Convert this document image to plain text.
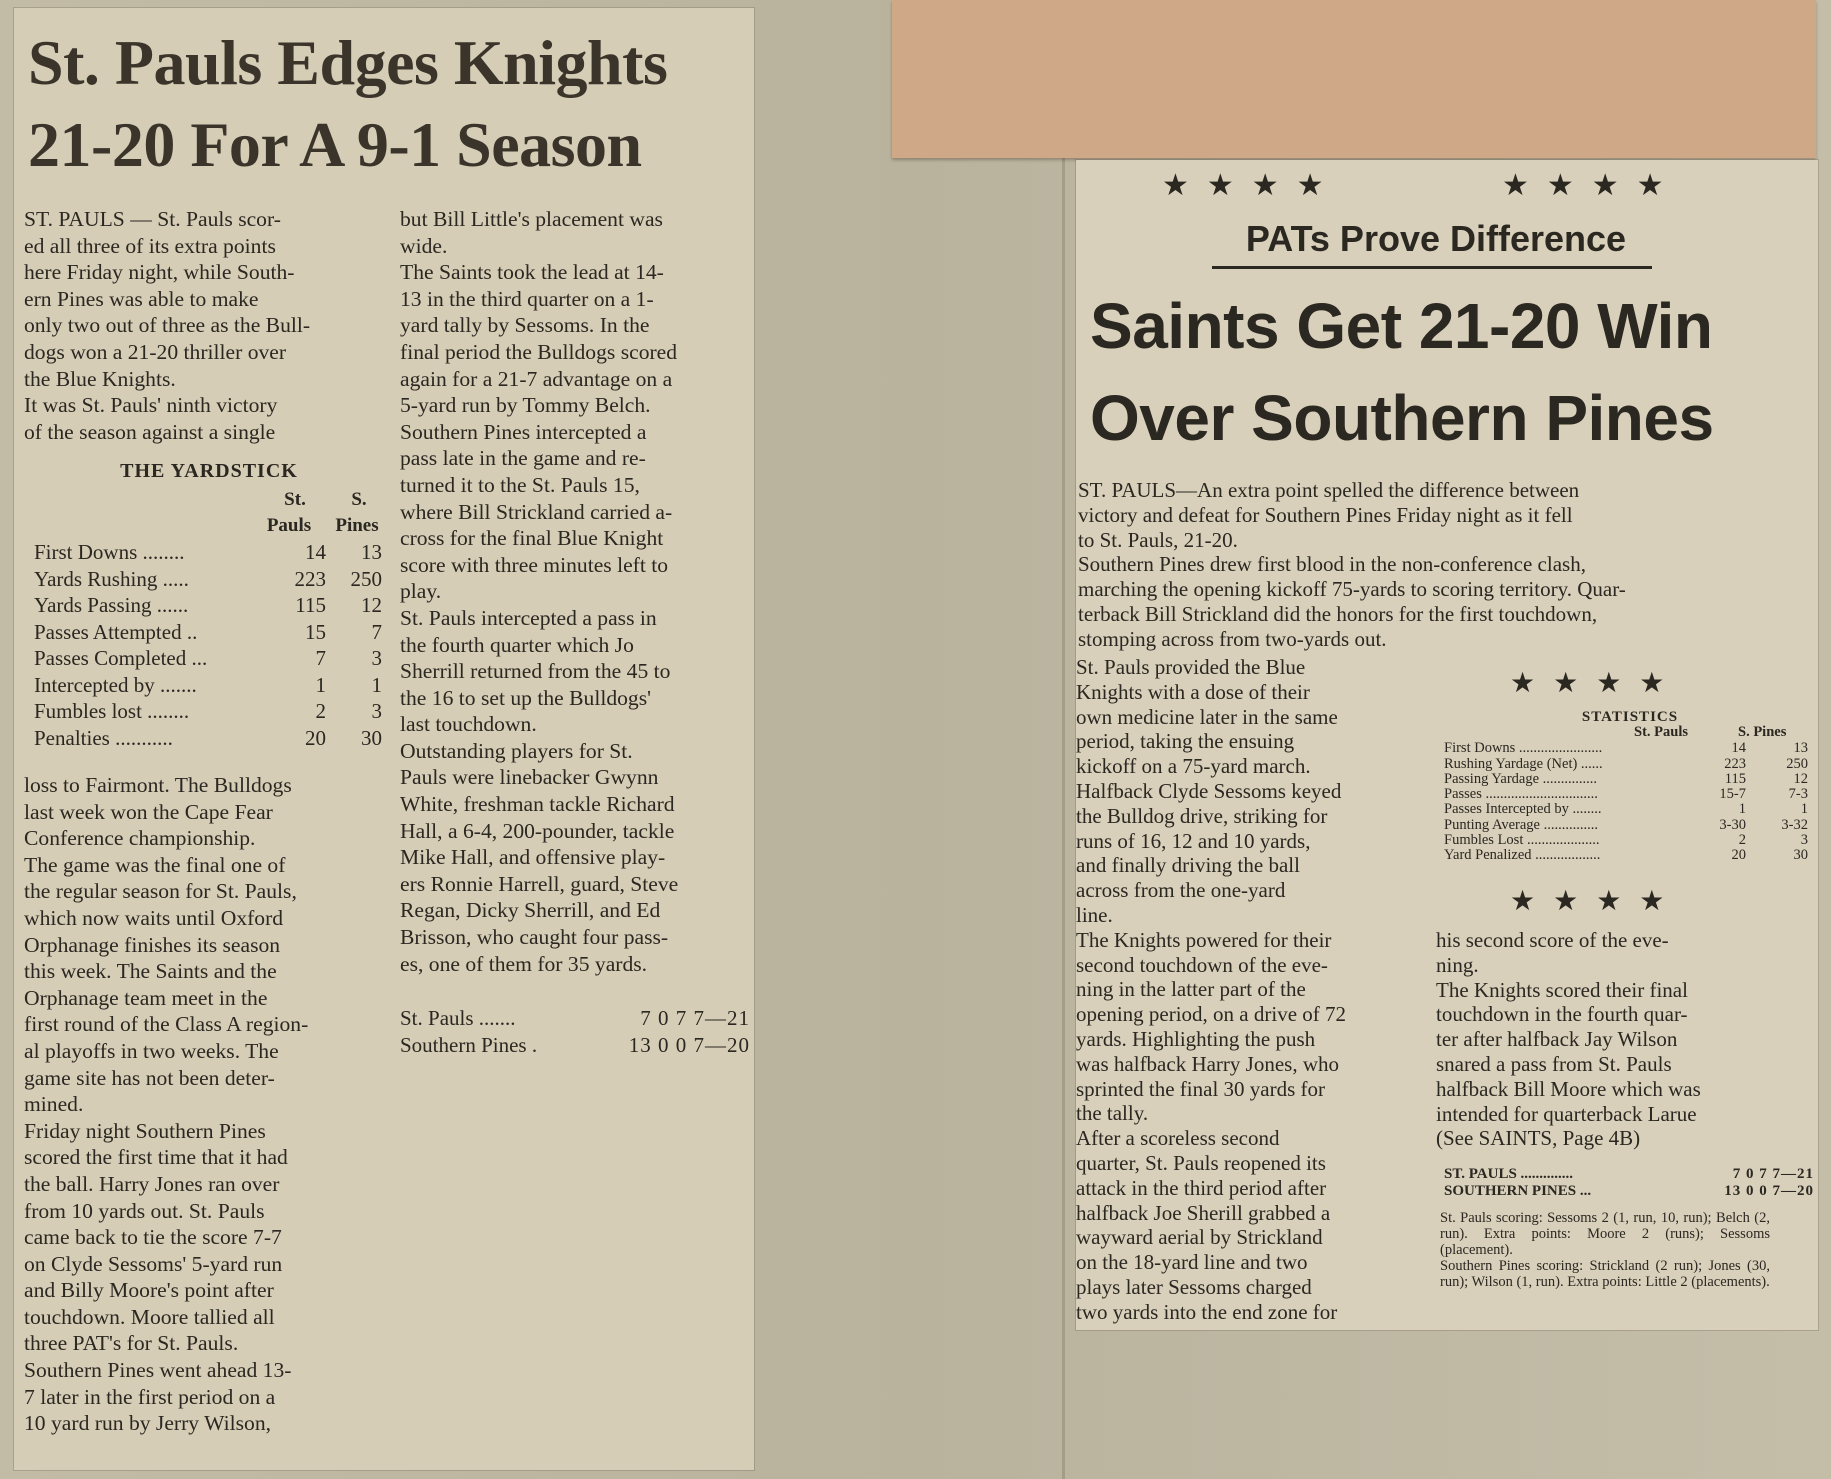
St. Pauls Edges Knights
21-20 For A 9-1 Season
ST. PAULS — St. Pauls scor-
ed all three of its extra points
here Friday night, while South-
ern Pines was able to make
only two out of three as the Bull-
dogs won a 21-20 thriller over
the Blue Knights.
It was St. Pauls' ninth victory
of the season against a single
THE YARDSTICK
St.	S.
Pauls	Pines
First Downs ........	14	13
Yards Rushing .....	223	250
Yards Passing ......	115	12
Passes Attempted ..	15	7
Passes Completed ...	7	3
Intercepted by .......	1	1
Fumbles lost ........	2	3
Penalties ...........	20	30
loss to Fairmont. The Bulldogs
last week won the Cape Fear
Conference championship.
The game was the final one of
the regular season for St. Pauls,
which now waits until Oxford
Orphanage finishes its season
this week. The Saints and the
Orphanage team meet in the
first round of the Class A region-
al playoffs in two weeks. The
game site has not been deter-
mined.
Friday night Southern Pines
scored the first time that it had
the ball. Harry Jones ran over
from 10 yards out. St. Pauls
came back to tie the score 7-7
on Clyde Sessoms' 5-yard run
and Billy Moore's point after
touchdown. Moore tallied all
three PAT's for St. Pauls.
Southern Pines went ahead 13-
7 later in the first period on a
10 yard run by Jerry Wilson,
but Bill Little's placement was
wide.
The Saints took the lead at 14-
13 in the third quarter on a 1-
yard tally by Sessoms. In the
final period the Bulldogs scored
again for a 21-7 advantage on a
5-yard run by Tommy Belch.
Southern Pines intercepted a
pass late in the game and re-
turned it to the St. Pauls 15,
where Bill Strickland carried a-
cross for the final Blue Knight
score with three minutes left to
play.
St. Pauls intercepted a pass in
the fourth quarter which Jo
Sherrill returned from the 45 to
the 16 to set up the Bulldogs'
last touchdown.
Outstanding players for St.
Pauls were linebacker Gwynn
White, freshman tackle Richard
Hall, a 6-4, 200-pounder, tackle
Mike Hall, and offensive play-
ers Ronnie Harrell, guard, Steve
Regan, Dicky Sherrill, and Ed
Brisson, who caught four pass-
es, one of them for 35 yards.
St. Pauls .......	7 0 7 7—21
Southern Pines .	13 0 0 7—20
★★★★	★★★★
PATs Prove Difference
Saints Get 21-20 Win
Over Southern Pines
ST. PAULS—An extra point spelled the difference between
victory and defeat for Southern Pines Friday night as it fell
to St. Pauls, 21-20.
Southern Pines drew first blood in the non-conference clash,
marching the opening kickoff 75-yards to scoring territory. Quar-
terback Bill Strickland did the honors for the first touchdown,
stomping across from two-yards out.
St. Pauls provided the Blue
Knights with a dose of their
own medicine later in the same
period, taking the ensuing
kickoff on a 75-yard march.
Halfback Clyde Sessoms keyed
the Bulldog drive, striking for
runs of 16, 12 and 10 yards,
and finally driving the ball
across from the one-yard
line.
The Knights powered for their
second touchdown of the eve-
ning in the latter part of the
opening period, on a drive of 72
yards. Highlighting the push
was halfback Harry Jones, who
sprinted the final 30 yards for
the tally.
After a scoreless second
quarter, St. Pauls reopened its
attack in the third period after
halfback Joe Sherill grabbed a
wayward aerial by Strickland
on the 18-yard line and two
plays later Sessoms charged
two yards into the end zone for
★★★★
STATISTICS
St. Pauls	S. Pines
First Downs .......................	14	13
Rushing Yardage (Net) ......	223	250
Passing Yardage ...............	115	12
Passes ...............................	15-7	7-3
Passes Intercepted by ........	1	1
Punting Average ...............	3-30	3-32
Fumbles Lost ....................	2	3
Yard Penalized ..................	20	30
★★★★
his second score of the eve-
ning.
The Knights scored their final
touchdown in the fourth quar-
ter after halfback Jay Wilson
snared a pass from St. Pauls
halfback Bill Moore which was
intended for quarterback Larue
(See SAINTS, Page 4B)
ST. PAULS ..............	7 0 7 7—21
SOUTHERN PINES ...	13 0 0 7—20
St. Pauls scoring: Sessoms 2 (1, run, 10, run); Belch (2, run). Extra points: Moore 2 (runs); Sessoms (placement).
Southern Pines scoring: Strickland (2 run); Jones (30, run); Wilson (1, run). Extra points: Little 2 (placements).
